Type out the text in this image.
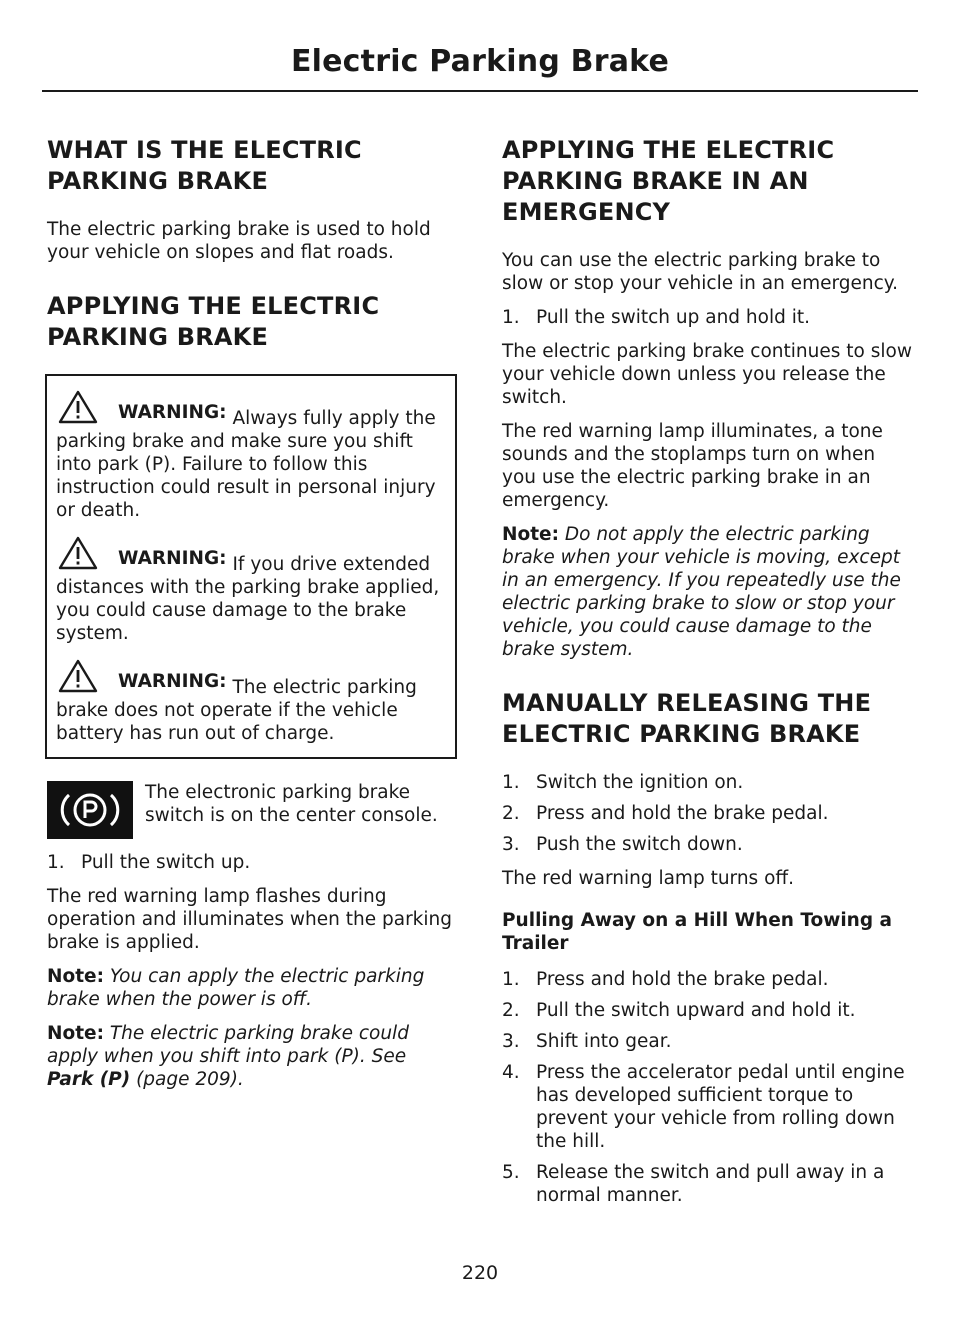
Electric Parking Brake
WHAT IS THE ELECTRIC PARKING BRAKE

The electric parking brake is used to hold your vehicle on slopes and flat roads.

APPLYING THE ELECTRIC PARKING BRAKE
WARNING: Always fully apply the parking brake and make sure you shift into park (P). Failure to follow this instruction could result in personal injury or death.
WARNING: If you drive extended distances with the parking brake applied, you could cause damage to the brake system.
WARNING: The electric parking brake does not operate if the vehicle battery has run out of charge.
The electronic parking brake switch is on the center console.
1. Pull the switch up.

The red warning lamp flashes during operation and illuminates when the parking brake is applied.

Note: You can apply the electric parking brake when the power is off.

Note: The electric parking brake could apply when you shift into park (P). See Park (P) (page 209).

APPLYING THE ELECTRIC PARKING BRAKE IN AN EMERGENCY

You can use the electric parking brake to slow or stop your vehicle in an emergency.

1. Pull the switch up and hold it.

The electric parking brake continues to slow your vehicle down unless you release the switch.

The red warning lamp illuminates, a tone sounds and the stoplamps turn on when you use the electric parking brake in an emergency.

Note: Do not apply the electric parking brake when your vehicle is moving, except in an emergency. If you repeatedly use the electric parking brake to slow or stop your vehicle, you could cause damage to the brake system.

MANUALLY RELEASING THE ELECTRIC PARKING BRAKE
1. Switch the ignition on.
2. Press and hold the brake pedal.
3. Push the switch down.

The red warning lamp turns off.

Pulling Away on a Hill When Towing a Trailer
1. Press and hold the brake pedal.
2. Pull the switch upward and hold it.
3. Shift into gear.
4. Press the accelerator pedal until engine has developed sufficient torque to prevent your vehicle from rolling down the hill.
5. Release the switch and pull away in a normal manner.
220
